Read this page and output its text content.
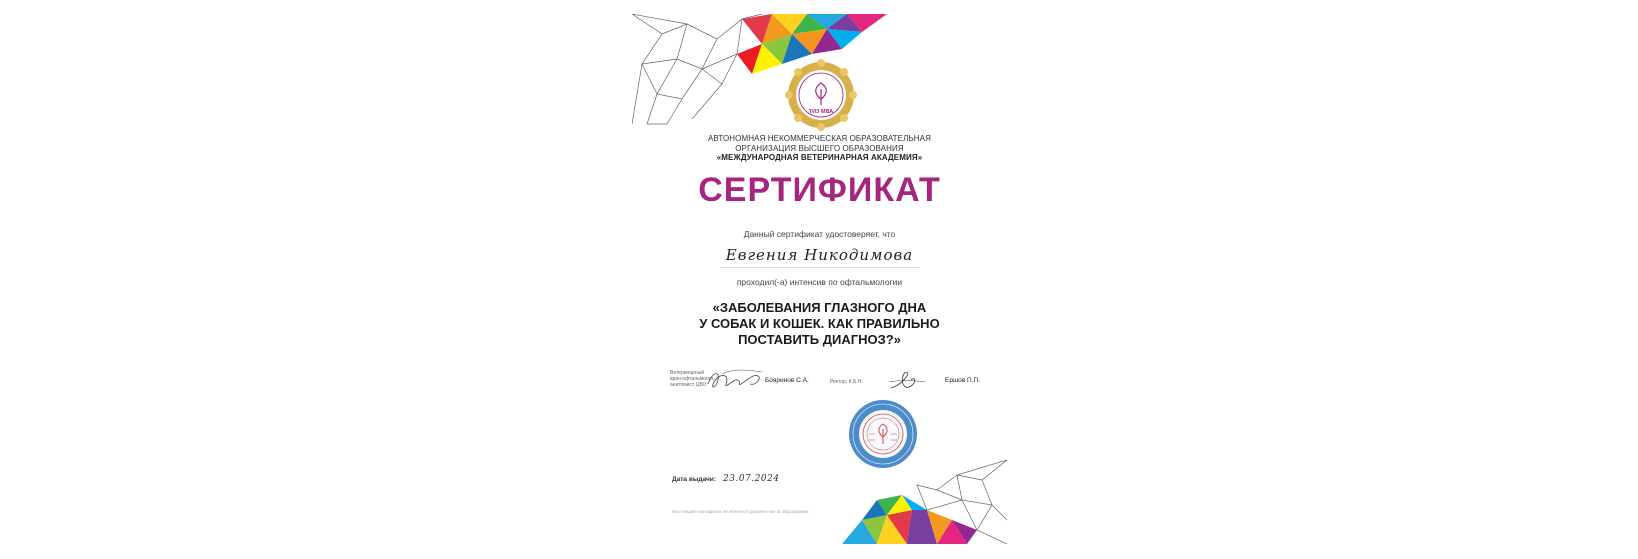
ТИЗ МВА
АВТОНОМНАЯ НЕКОММЕРЧЕСКАЯ ОБРАЗОВАТЕЛЬНАЯ
ОРГАНИЗАЦИЯ ВЫСШЕГО ОБРАЗОВАНИЯ
«МЕЖДУНАРОДНАЯ ВЕТЕРИНАРНАЯ АКАДЕМИЯ»
СЕРТИФИКАТ
Данный сертификат удостоверяет, что
Евгения Никодимова
проходил(-а) интенсив по офтальмологии
«ЗАБОЛЕВАНИЯ ГЛАЗНОГО ДНА
У СОБАК И КОШЕК. КАК ПРАВИЛЬНО
ПОСТАВИТЬ ДИАГНОЗ?»
Ветеринарный
врач-офтальмолог,
анатомист ЦВО
Бояринов С.А.	Ректор, К.Б.Н.	Ершов П.П.
Дата выдачи: 23.07.2024
Настоящий сертификат не является документом об образовании
